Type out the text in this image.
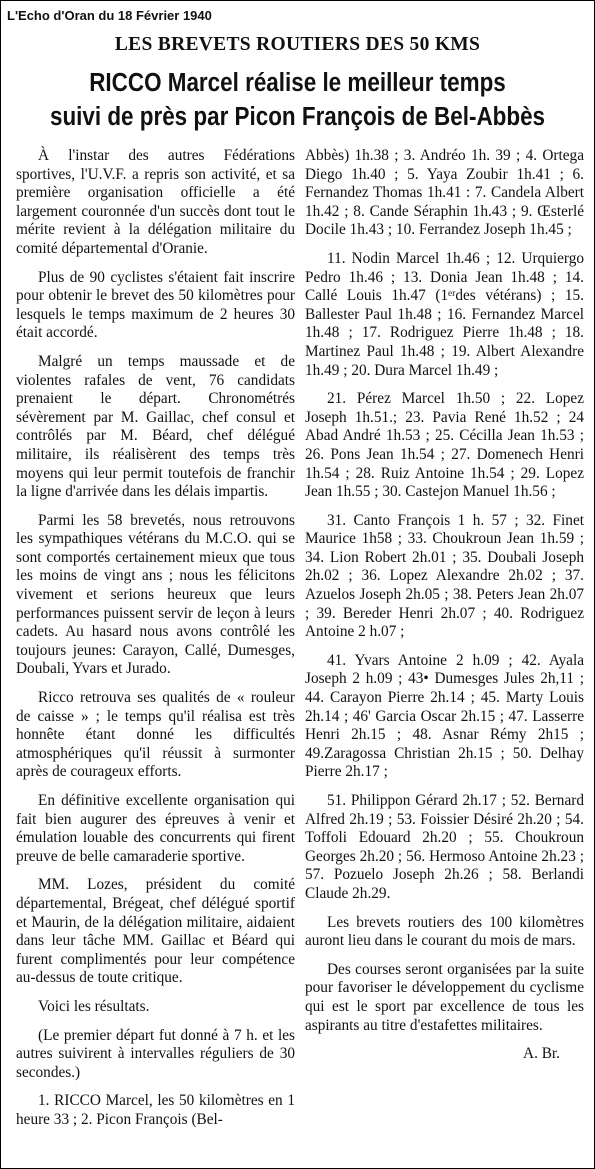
L'Echo d'Oran du 18 Février 1940
LES BREVETS ROUTIERS DES 50 KMS
RICCO Marcel réalise le meilleur temps
suivi de près par Picon François de Bel-Abbès

À l'instar des autres Fédérations sportives, l'U.V.F. a repris son activité, et sa première organisation officielle a été largement couronnée d'un succès dont tout le mérite revient à la délégation militaire du comité départemental d'Oranie.

Plus de 90 cyclistes s'étaient fait inscrire pour obtenir le brevet des 50 kilomètres pour lesquels le temps maximum de 2 heures 30 était accordé.

Malgré un temps maussade et de violentes rafales de vent, 76 candidats prenaient le départ. Chronométrés sévèrement par M. Gaillac, chef consul et contrôlés par M. Béard, chef délégué militaire, ils réalisèrent des temps très moyens qui leur permit toutefois de franchir la ligne d'arrivée dans les délais impartis.

Parmi les 58 brevetés, nous retrouvons les sympathiques vétérans du M.C.O. qui se sont comportés certainement mieux que tous les moins de vingt ans ; nous les félicitons vivement et serions heureux que leurs performances puissent servir de leçon à leurs cadets. Au hasard nous avons contrôlé les toujours jeunes: Carayon, Callé, Dumesges, Doubali, Yvars et Jurado.

Ricco retrouva ses qualités de « rouleur de caisse » ; le temps qu'il réalisa est très honnête étant donné les difficultés atmosphériques qu'il réussit à surmonter après de courageux efforts.

En définitive excellente organisation qui fait bien augurer des épreuves à venir et émulation louable des concurrents qui firent preuve de belle camaraderie sportive.

MM. Lozes, président du comité départemental, Brégeat, chef délégué sportif et Maurin, de la délégation militaire, aidaient dans leur tâche MM. Gaillac et Béard qui furent complimentés pour leur compétence au-dessus de toute critique.

Voici les résultats.

(Le premier départ fut donné à 7 h. et les autres suivirent à intervalles réguliers de 30 secondes.)

1. RICCO Marcel, les 50 kilomètres en 1 heure 33 ; 2. Picon François (Bel-

Abbès) 1h.38 ; 3. Andréo 1h. 39 ; 4. Ortega Diego 1h.40 ; 5. Yaya Zoubir 1h.41 ; 6. Fernandez Thomas 1h.41 : 7. Candela Albert 1h.42 ; 8. Cande Séraphin 1h.43 ; 9. Œsterlé Docile 1h.43 ; 10. Ferrandez Joseph 1h.45 ;

11. Nodin Marcel 1h.46 ; 12. Urquiergo Pedro 1h.46 ; 13. Donia Jean 1h.48 ; 14. Callé Louis 1h.47 (1ᵉʳdes vétérans) ; 15. Ballester Paul 1h.48 ; 16. Fernandez Marcel 1h.48 ; 17. Rodriguez Pierre 1h.48 ; 18. Martinez Paul 1h.48 ; 19. Albert Alexandre 1h.49 ; 20. Dura Marcel 1h.49 ;

21. Pérez Marcel 1h.50 ; 22. Lopez Joseph 1h.51.; 23. Pavia René 1h.52 ; 24 Abad André 1h.53 ; 25. Cécilla Jean 1h.53 ; 26. Pons Jean 1h.54 ; 27. Domenech Henri 1h.54 ; 28. Ruiz Antoine 1h.54 ; 29. Lopez Jean 1h.55 ; 30. Castejon Manuel 1h.56 ;

31. Canto François 1 h. 57 ; 32. Finet Maurice 1h58 ; 33. Choukroun Jean 1h.59 ; 34. Lion Robert 2h.01 ; 35. Doubali Joseph 2h.02 ; 36. Lopez Alexandre 2h.02 ; 37. Azuelos Joseph 2h.05 ; 38. Peters Jean 2h.07 ; 39. Bereder Henri 2h.07 ; 40. Rodriguez Antoine 2 h.07 ;

41. Yvars Antoine 2 h.09 ; 42. Ayala Joseph 2 h.09 ; 43• Dumesges Jules 2h,11 ; 44. Carayon Pierre 2h.14 ; 45. Marty Louis 2h.14 ; 46' Garcia Oscar 2h.15 ; 47. Lasserre Henri 2h.15 ; 48. Asnar Rémy 2h15 ; 49.Zaragossa Christian 2h.15 ; 50. Delhay Pierre 2h.17 ;

51. Philippon Gérard 2h.17 ; 52. Bernard Alfred 2h.19 ; 53. Foissier Désiré 2h.20 ; 54. Toffoli Edouard 2h.20 ; 55. Choukroun Georges 2h.20 ; 56. Hermoso Antoine 2h.23 ; 57. Pozuelo Joseph 2h.26 ; 58. Berlandi Claude 2h.29.

Les brevets routiers des 100 kilomètres auront lieu dans le courant du mois de mars.

Des courses seront organisées par la suite pour favoriser le développement du cyclisme qui est le sport par excellence de tous les aspirants au titre d'estafettes militaires.

A. Br.
